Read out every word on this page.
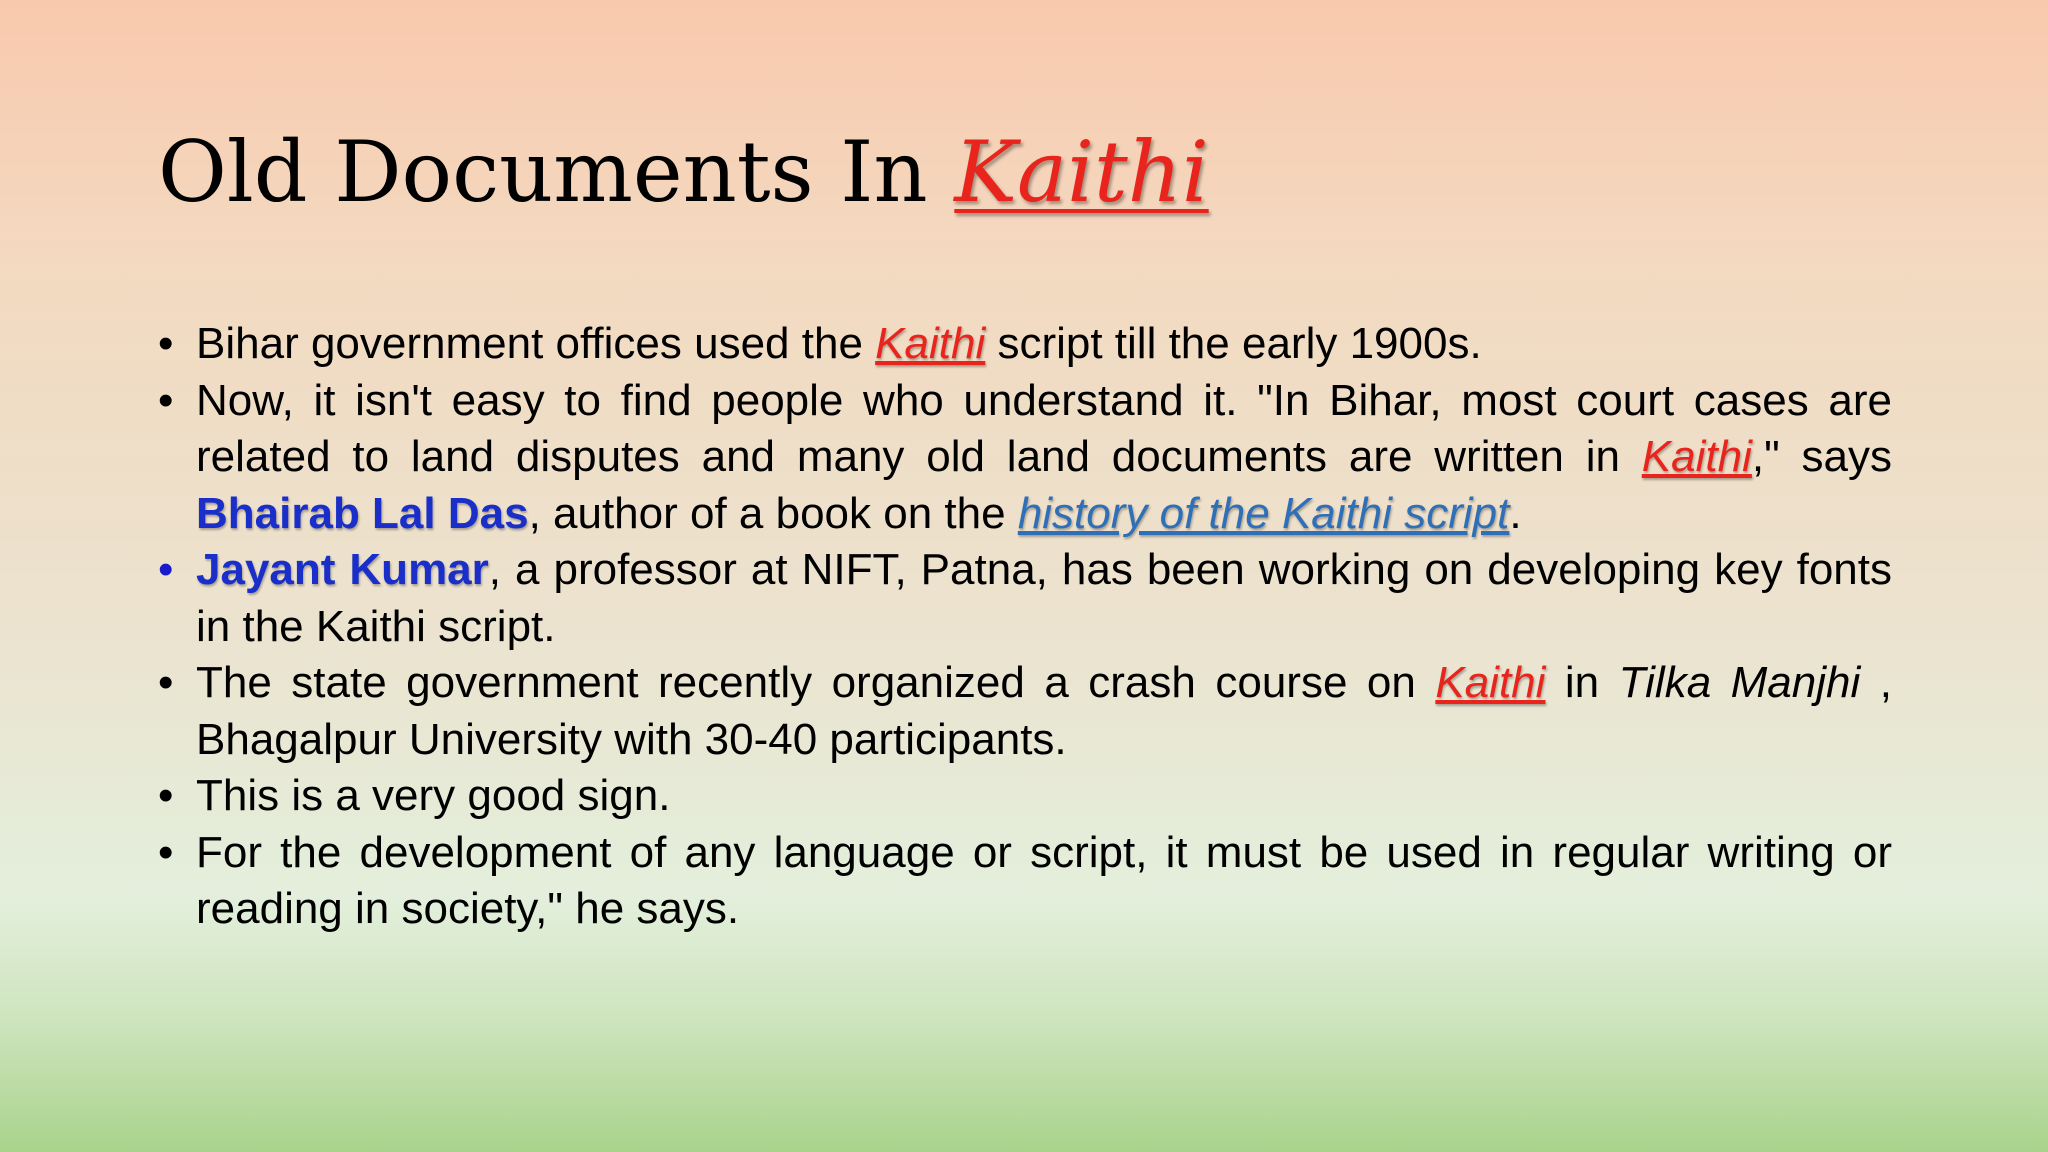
Old Documents In Kaithi
• Bihar government offices used the Kaithi script till the early 1900s.
• Now, it isn't easy to find people who understand it. "In Bihar, most court cases are related to land disputes and many old land documents are written in Kaithi," says Bhairab Lal Das, author of a book on the history of the Kaithi script.
• Jayant Kumar, a professor at NIFT, Patna, has been working on developing key fonts in the Kaithi script.
• The state government recently organized a crash course on Kaithi in Tilka Manjhi , Bhagalpur University with 30-40 participants.
• This is a very good sign.
• For the development of any language or script, it must be used in regular writing or reading in society," he says.
